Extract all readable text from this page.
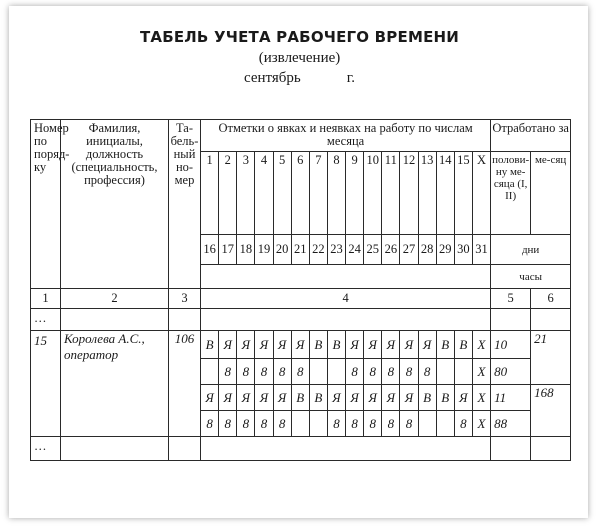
ТАБЕЛЬ УЧЕТА РАБОЧЕГО ВРЕМЕНИ
(извлечение)
сентябрь	г.
Номер по поряд-ку	Фамилия, инициалы, должность (специальность, профессия)	Та-бель-ный но-мер	Отметки о явках и неявках на работу по числам месяца																Отработано за	
			1	2	3	4	5	6	7	8	9	10	11	12	13	14	15	X	полови-ну ме-сяца (I, II)	ме-сяц
			16	17	18	19	20	21	22	23	24	25	26	27	28	29	30	31	дни	
																			часы	
1	2	3	4																5	6
…																				
15	Королева А.С., оператор	106	В	Я	Я	Я	Я	Я	В	В	Я	Я	Я	Я	Я	В	В	Х	10	21
				8	8	8	8	8			8	8	8	8	8			Х	80	
			Я	Я	Я	Я	Я	В	В	Я	Я	Я	Я	Я	В	В	Я	Х	11	168
			8	8	8	8	8			8	8	8	8	8			8	Х	88	
…																				
